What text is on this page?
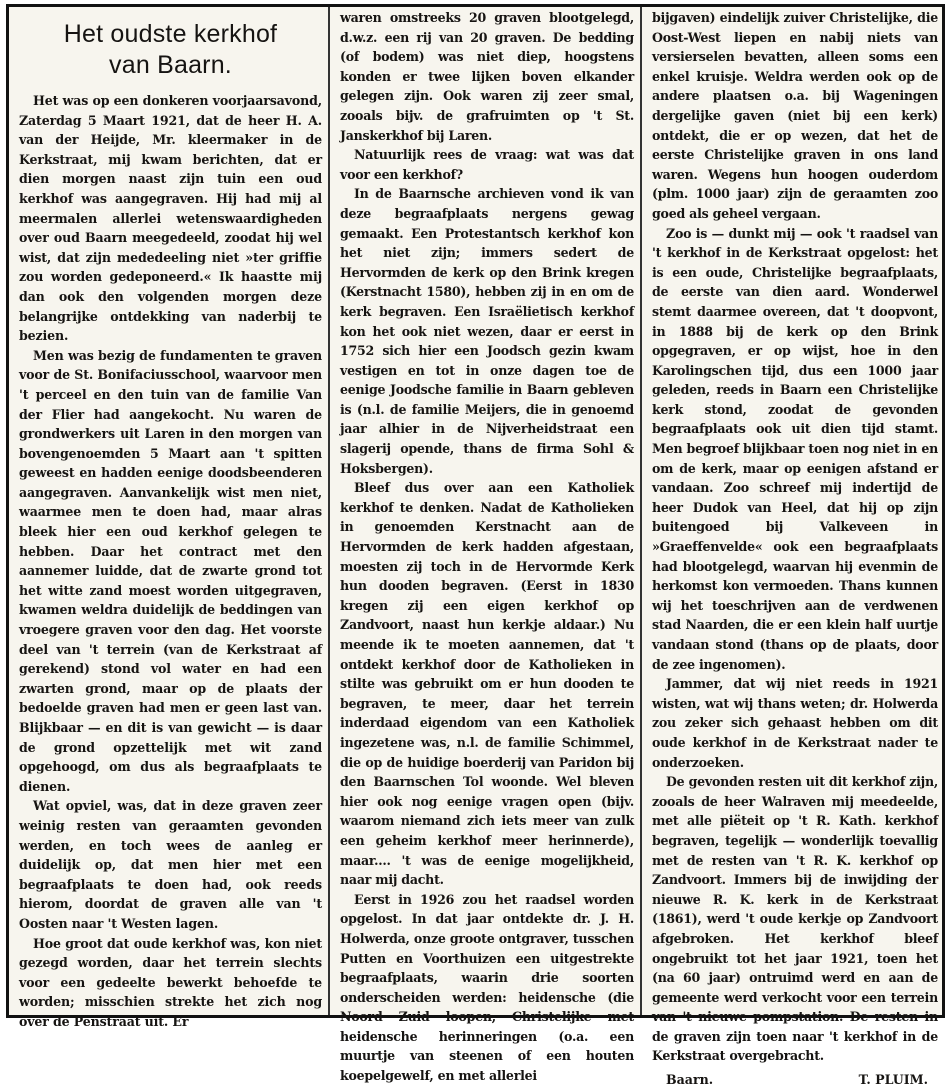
Het oudste kerkhof
van Baarn.

Het was op een donkeren voorjaarsavond, Zaterdag 5 Maart 1921, dat de heer H. A. van der Heijde, Mr. kleermaker in de Kerkstraat, mij kwam berichten, dat er dien morgen naast zijn tuin een oud kerkhof was aangegraven. Hij had mij al meermalen allerlei wetenswaardigheden over oud Baarn meegedeeld, zoodat hij wel wist, dat zijn mededeeling niet »ter griffie zou worden gedeponeerd.« Ik haastte mij dan ook den volgenden morgen deze belangrijke ontdekking van naderbij te bezien.

Men was bezig de fundamenten te graven voor de St. Bonifaciusschool, waarvoor men 't perceel en den tuin van de familie Van der Flier had aangekocht. Nu waren de grondwerkers uit Laren in den morgen van bovengenoemden 5 Maart aan 't spitten geweest en hadden eenige doodsbeenderen aangegraven. Aanvankelijk wist men niet, waarmee men te doen had, maar alras bleek hier een oud kerkhof gelegen te hebben. Daar het contract met den aannemer luidde, dat de zwarte grond tot het witte zand moest worden uitgegraven, kwamen weldra duidelijk de beddingen van vroegere graven voor den dag. Het voorste deel van 't terrein (van de Kerkstraat af gerekend) stond vol water en had een zwarten grond, maar op de plaats der bedoelde graven had men er geen last van. Blijkbaar — en dit is van gewicht — is daar de grond opzettelijk met wit zand opgehoogd, om dus als begraafplaats te dienen.

Wat opviel, was, dat in deze graven zeer weinig resten van geraamten gevonden werden, en toch wees de aanleg er duidelijk op, dat men hier met een begraafplaats te doen had, ook reeds hierom, doordat de graven alle van 't Oosten naar 't Westen lagen.

Hoe groot dat oude kerkhof was, kon niet gezegd worden, daar het terrein slechts voor een gedeelte bewerkt behoefde te worden; misschien strekte het zich nog over de Penstraat uit. Er

waren omstreeks 20 graven blootgelegd, d.w.z. een rij van 20 graven. De bedding (of bodem) was niet diep, hoogstens konden er twee lijken boven elkander gelegen zijn. Ook waren zij zeer smal, zooals bijv. de grafruimten op 't St. Janskerkhof bij Laren.

Natuurlijk rees de vraag: wat was dat voor een kerkhof?

In de Baarnsche archieven vond ik van deze begraafplaats nergens gewag gemaakt. Een Protestantsch kerkhof kon het niet zijn; immers sedert de Hervormden de kerk op den Brink kregen (Kerstnacht 1580), hebben zij in en om de kerk begraven. Een Israëlietisch kerkhof kon het ook niet wezen, daar er eerst in 1752 sich hier een Joodsch gezin kwam vestigen en tot in onze dagen toe de eenige Joodsche familie in Baarn gebleven is (n.l. de familie Meijers, die in genoemd jaar alhier in de Nijverheidstraat een slagerij opende, thans de firma Sohl & Hoksbergen).

Bleef dus over aan een Katholiek kerkhof te denken. Nadat de Katholieken in genoemden Kerstnacht aan de Hervormden de kerk hadden afgestaan, moesten zij toch in de Hervormde Kerk hun dooden begraven. (Eerst in 1830 kregen zij een eigen kerkhof op Zandvoort, naast hun kerkje aldaar.) Nu meende ik te moeten aannemen, dat 't ontdekt kerkhof door de Katholieken in stilte was gebruikt om er hun dooden te begraven, te meer, daar het terrein inderdaad eigendom van een Katholiek ingezetene was, n.l. de familie Schimmel, die op de huidige boerderij van Paridon bij den Baarnschen Tol woonde. Wel bleven hier ook nog eenige vragen open (bijv. waarom niemand zich iets meer van zulk een geheim kerkhof meer herinnerde), maar.... 't was de eenige mogelijkheid, naar mij dacht.

Eerst in 1926 zou het raadsel worden opgelost. In dat jaar ontdekte dr. J. H. Holwerda, onze groote ontgraver, tusschen Putten en Voorthuizen een uitgestrekte begraafplaats, waarin drie soorten onderscheiden werden: heidensche (die Noord Zuid loopen, Christelijke met heidensche herinneringen (o.a. een muurtje van steenen of een houten koepelgewelf, en met allerlei

bijgaven) eindelijk zuiver Christelijke, die Oost-West liepen en nabij niets van versierselen bevatten, alleen soms een enkel kruisje. Weldra werden ook op de andere plaatsen o.a. bij Wageningen dergelijke gaven (niet bij een kerk) ontdekt, die er op wezen, dat het de eerste Christelijke graven in ons land waren. Wegens hun hoogen ouderdom (plm. 1000 jaar) zijn de geraamten zoo goed als geheel vergaan.

Zoo is — dunkt mij — ook 't raadsel van 't kerkhof in de Kerkstraat opgelost: het is een oude, Christelijke begraafplaats, de eerste van dien aard. Wonderwel stemt daarmee overeen, dat 't doopvont, in 1888 bij de kerk op den Brink opgegraven, er op wijst, hoe in den Karolingschen tijd, dus een 1000 jaar geleden, reeds in Baarn een Christelijke kerk stond, zoodat de gevonden begraafplaats ook uit dien tijd stamt. Men begroef blijkbaar toen nog niet in en om de kerk, maar op eenigen afstand er vandaan. Zoo schreef mij indertijd de heer Dudok van Heel, dat hij op zijn buitengoed bij Valkeveen in »Graeffenvelde« ook een begraafplaats had blootgelegd, waarvan hij evenmin de herkomst kon vermoeden. Thans kunnen wij het toeschrijven aan de verdwenen stad Naarden, die er een klein half uurtje vandaan stond (thans op de plaats, door de zee ingenomen).

Jammer, dat wij niet reeds in 1921 wisten, wat wij thans weten; dr. Holwerda zou zeker sich gehaast hebben om dit oude kerkhof in de Kerkstraat nader te onderzoeken.

De gevonden resten uit dit kerkhof zijn, zooals de heer Walraven mij meedeelde, met alle piëteit op 't R. Kath. kerkhof begraven, tegelijk — wonderlijk toevallig met de resten van 't R. K. kerkhof op Zandvoort. Immers bij de inwijding der nieuwe R. K. kerk in de Kerkstraat (1861), werd 't oude kerkje op Zandvoort afgebroken. Het kerkhof bleef ongebruikt tot het jaar 1921, toen het (na 60 jaar) ontruimd werd en aan de gemeente werd verkocht voor een terrein van 't nieuwe pompstation. De resten in de graven zijn toen naar 't kerkhof in de Kerkstraat overgebracht.

Baarn.	T. PLUIM.
